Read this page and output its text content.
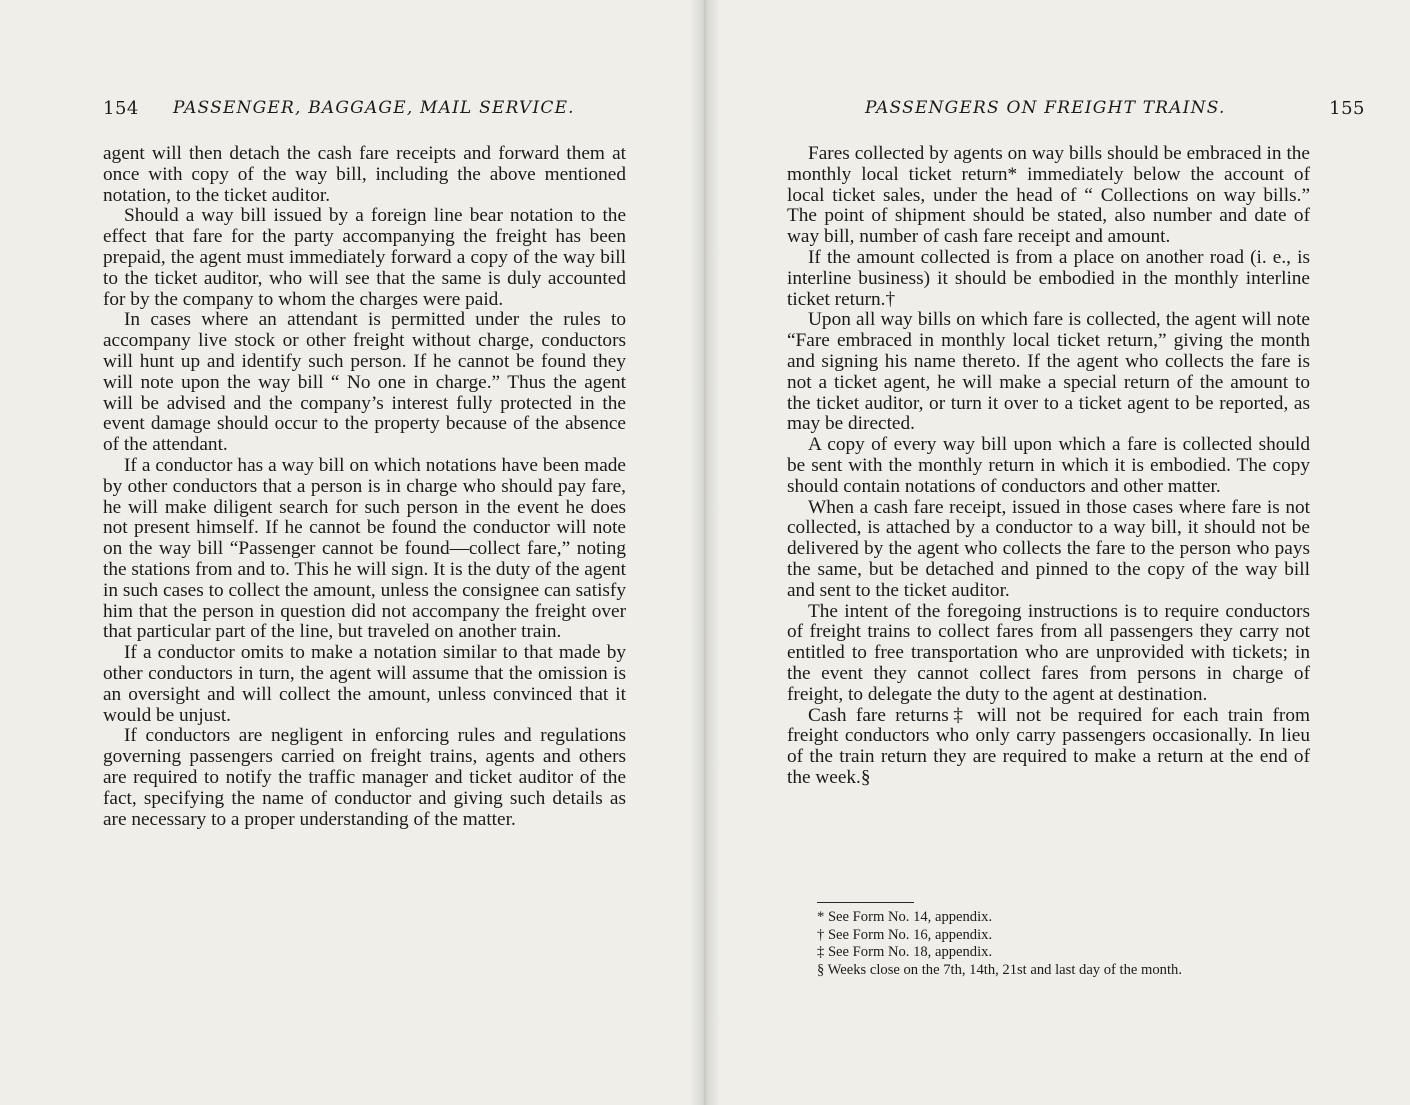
154 PASSENGER, BAGGAGE, MAIL SERVICE.

agent will then detach the cash fare receipts and forward them at once with copy of the way bill, including the above mentioned notation, to the ticket auditor.

Should a way bill issued by a foreign line bear notation to the effect that fare for the party accompanying the freight has been prepaid, the agent must immediately forward a copy of the way bill to the ticket auditor, who will see that the same is duly accounted for by the company to whom the charges were paid.

In cases where an attendant is permitted under the rules to accompany live stock or other freight without charge, conductors will hunt up and identify such person. If he cannot be found they will note upon the way bill “ No one in charge.” Thus the agent will be advised and the company’s interest fully protected in the event damage should occur to the property because of the absence of the attendant.

If a conductor has a way bill on which notations have been made by other conductors that a person is in charge who should pay fare, he will make diligent search for such person in the event he does not present himself. If he cannot be found the conductor will note on the way bill “Passenger cannot be found—collect fare,” noting the stations from and to. This he will sign. It is the duty of the agent in such cases to collect the amount, unless the consignee can satisfy him that the person in question did not accompany the freight over that particular part of the line, but traveled on another train.

If a conductor omits to make a notation similar to that made by other conductors in turn, the agent will assume that the omission is an oversight and will collect the amount, unless convinced that it would be unjust.

If conductors are negligent in enforcing rules and regulations governing passengers carried on freight trains, agents and others are required to notify the traffic manager and ticket auditor of the fact, specifying the name of conductor and giving such details as are necessary to a proper understanding of the matter.

PASSENGERS ON FREIGHT TRAINS.	155

Fares collected by agents on way bills should be embraced in the monthly local ticket return* immediately below the account of local ticket sales, under the head of “ Collections on way bills.” The point of shipment should be stated, also number and date of way bill, number of cash fare receipt and amount.

If the amount collected is from a place on another road (i. e., is interline business) it should be embodied in the monthly interline ticket return.†

Upon all way bills on which fare is collected, the agent will note “Fare embraced in monthly local ticket return,” giving the month and signing his name thereto. If the agent who collects the fare is not a ticket agent, he will make a special return of the amount to the ticket auditor, or turn it over to a ticket agent to be reported, as may be directed.

A copy of every way bill upon which a fare is collected should be sent with the monthly return in which it is embodied. The copy should contain notations of conductors and other matter.

When a cash fare receipt, issued in those cases where fare is not collected, is attached by a conductor to a way bill, it should not be delivered by the agent who collects the fare to the person who pays the same, but be detached and pinned to the copy of the way bill and sent to the ticket auditor.

The intent of the foregoing instructions is to require conductors of freight trains to collect fares from all passengers they carry not entitled to free transportation who are unprovided with tickets; in the event they cannot collect fares from persons in charge of freight, to delegate the duty to the agent at destination.

Cash fare returns‡ will not be required for each train from freight conductors who only carry passengers occasionally. In lieu of the train return they are required to make a return at the end of the week.§

* See Form No. 14, appendix.
† See Form No. 16, appendix.
‡ See Form No. 18, appendix.
§ Weeks close on the 7th, 14th, 21st and last day of the month.
